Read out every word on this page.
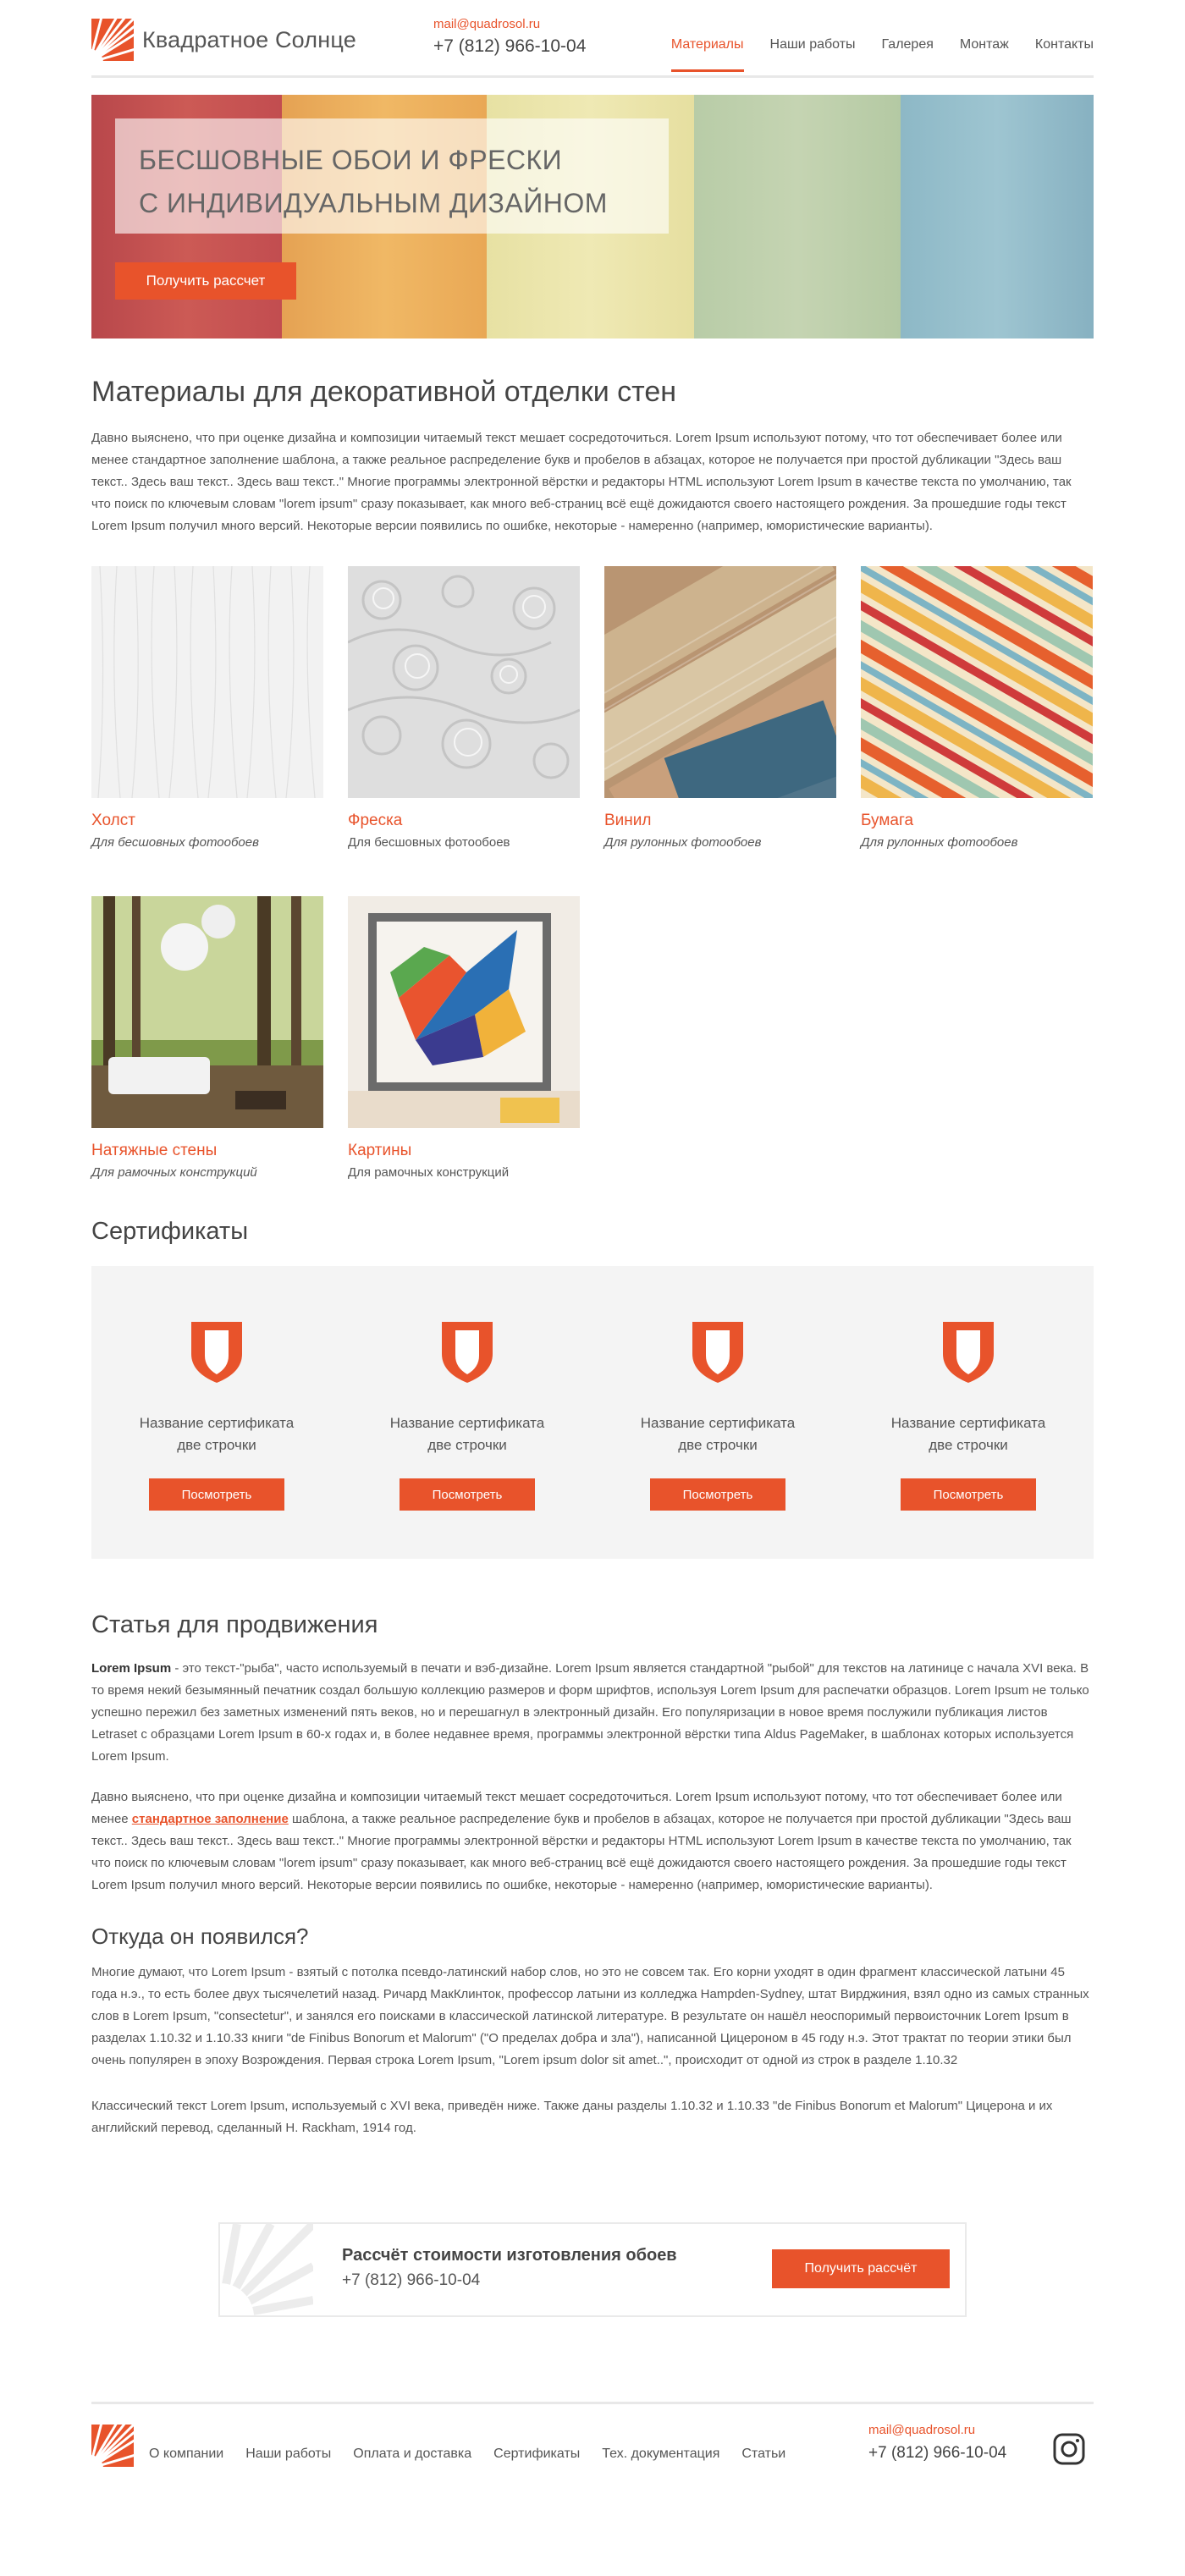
Квадратное Солнце
mail@quadrosol.ru
+7 (812) 966-10-04	Материалы Наши работы Галерея Монтаж Контакты
БЕСШОВНЫЕ ОБОИ И ФРЕСКИ
С ИНДИВИДУАЛЬНЫМ ДИЗАЙНОМ
Получить рассчет
Материалы для декоративной отделки стен

Давно выяснено, что при оценке дизайна и композиции читаемый текст мешает сосредоточиться. Lorem Ipsum используют потому, что тот обеспечивает более или менее стандартное заполнение шаблона, а также реальное распределение букв и пробелов в абзацах, которое не получается при простой дубликации "Здесь ваш текст.. Здесь ваш текст.. Здесь ваш текст.." Многие программы электронной вёрстки и редакторы HTML используют Lorem Ipsum в качестве текста по умолчанию, так что поиск по ключевым словам "lorem ipsum" сразу показывает, как много веб-страниц всё ещё дожидаются своего настоящего рождения. За прошедшие годы текст Lorem Ipsum получил много версий. Некоторые версии появились по ошибке, некоторые - намеренно (например, юмористические варианты).

Холст
Для бесшовных фотообоев
Фреска
Для бесшовных фотообоев
Винил
Для рулонных фотообоев
Бумага
Для рулонных фотообоев
Натяжные стены
Для рамочных конструкций
Картины
Для рамочных конструкций
Сертификаты
Название сертификата
две строчки
Посмотреть
Название сертификата
две строчки
Посмотреть
Название сертификата
две строчки
Посмотреть
Название сертификата
две строчки
Посмотреть
Статья для продвижения

Lorem Ipsum - это текст-"рыба", часто используемый в печати и вэб-дизайне. Lorem Ipsum является стандартной "рыбой" для текстов на латинице с начала XVI века. В то время некий безымянный печатник создал большую коллекцию размеров и форм шрифтов, используя Lorem Ipsum для распечатки образцов. Lorem Ipsum не только успешно пережил без заметных изменений пять веков, но и перешагнул в электронный дизайн. Его популяризации в новое время послужили публикация листов Letraset с образцами Lorem Ipsum в 60-х годах и, в более недавнее время, программы электронной вёрстки типа Aldus PageMaker, в шаблонах которых используется Lorem Ipsum.

Давно выяснено, что при оценке дизайна и композиции читаемый текст мешает сосредоточиться. Lorem Ipsum используют потому, что тот обеспечивает более или менее стандартное заполнение шаблона, а также реальное распределение букв и пробелов в абзацах, которое не получается при простой дубликации "Здесь ваш текст.. Здесь ваш текст.. Здесь ваш текст.." Многие программы электронной вёрстки и редакторы HTML используют Lorem Ipsum в качестве текста по умолчанию, так что поиск по ключевым словам "lorem ipsum" сразу показывает, как много веб-страниц всё ещё дожидаются своего настоящего рождения. За прошедшие годы текст Lorem Ipsum получил много версий. Некоторые версии появились по ошибке, некоторые - намеренно (например, юмористические варианты).

Откуда он появился?

Многие думают, что Lorem Ipsum - взятый с потолка псевдо-латинский набор слов, но это не совсем так. Его корни уходят в один фрагмент классической латыни 45 года н.э., то есть более двух тысячелетий назад. Ричард МакКлинток, профессор латыни из колледжа Hampden-Sydney, штат Вирджиния, взял одно из самых странных слов в Lorem Ipsum, "consectetur", и занялся его поисками в классической латинской литературе. В результате он нашёл неоспоримый первоисточник Lorem Ipsum в разделах 1.10.32 и 1.10.33 книги "de Finibus Bonorum et Malorum" ("О пределах добра и зла"), написанной Цицероном в 45 году н.э. Этот трактат по теории этики был очень популярен в эпоху Возрождения. Первая строка Lorem Ipsum, "Lorem ipsum dolor sit amet..", происходит от одной из строк в разделе 1.10.32

Классический текст Lorem Ipsum, используемый с XVI века, приведён ниже. Также даны разделы 1.10.32 и 1.10.33 "de Finibus Bonorum et Malorum" Цицерона и их английский перевод, сделанный H. Rackham, 1914 год.

Рассчёт стоимости изготовления обоев
+7 (812) 966-10-04
Получить рассчёт
О компании Наши работы Оплата и доставка Сертификаты Тех. документация Статьи
mail@quadrosol.ru
+7 (812) 966-10-04
